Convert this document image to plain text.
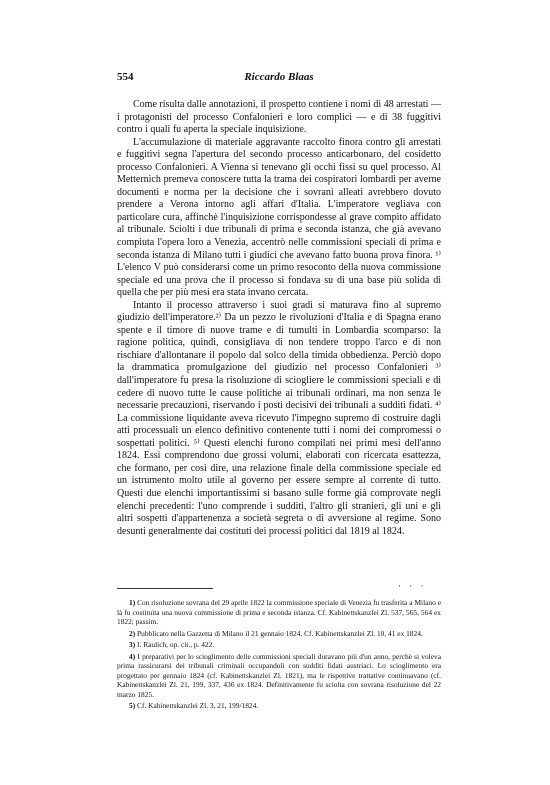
554	Riccardo Blaas

Come risulta dalle annotazioni, il prospetto contiene i nomi di 48 arrestati — i protagonisti del processo Confalonieri e loro complici — e di 38 fuggitivi contro i quali fu aperta la speciale inquisizione.

L'accumulazione di materiale aggravante raccolto finora contro gli arrestati e fuggitivi segna l'apertura del secondo processo anticarbonaro, del cosidetto processo Confalonieri. A Vienna si tenevano gli occhi fissi su quel processo. Al Metternich premeva conoscere tutta la trama dei cospiratori lombardi per averne documenti e norma per la decisione che i sovrani alleati avrebbero dovuto prendere a Verona intorno agli affari d'Italia. L'imperatore vegliava con particolare cura, affinchè l'inquisizione corrispondesse al grave compito affidato al tribunale. Sciolti i due tribunali di prima e seconda istanza, che già avevano compiuta l'opera loro a Venezia, accentrò nelle commissioni speciali di prima e seconda istanza di Milano tutti i giudici che avevano fatto buona prova finora. ¹⁾ L'elenco V può considerarsi come un primo resoconto della nuova commissione speciale ed una prova che il processo si fondava su di una base più solida di quella che per più mesi era stata invano cercata.

Intanto il processo attraverso i suoi gradi si maturava fino al supremo giudizio dell'imperatore.²⁾ Da un pezzo le rivoluzioni d'Italia e di Spagna erano spente e il timore di nuove trame e di tumulti in Lombardia scomparso: la ragione politica, quindi, consigliava di non tendere troppo l'arco e di non rischiare d'allontanare il popolo dal solco della timida obbedienza. Perciò dopo la drammatica promulgazione del giudizio nel processo Confalonieri ³⁾ dall'imperatore fu presa la risoluzione di sciogliere le commissioni speciali e di cedere di nuovo tutte le cause politiche ai tribunali ordinari, ma non senza le necessarie precauzioni, riservando i posti decisivi dei tribunali a sudditi fidati. ⁴⁾ La commissione liquidante aveva ricevuto l'impegno supremo di costruire dagli atti processuali un elenco definitivo contenente tutti i nomi dei compromessi o sospettati politici. ⁵⁾ Questi elenchi furono compilati nei primi mesi dell'anno 1824. Essi comprendono due grossi volumi, elaborati con ricercata esattezza, che formano, per così dire, una relazione finale della commissione speciale ed un istrumento molto utile al governo per essere sempre al corrente di tutto. Questi due elenchi importantissimi si basano sulle forme già comprovate negli elenchi precedenti: l'uno comprende i sudditi, l'altro gli stranieri, gli uni e gli altri sospetti d'appartenenza a società segreta o di avversione al regime. Sono desunti generalmente dai costituti dei processi politici dal 1819 al 1824.

· · ·

1) Con risoluzione sovrana del 29 aprile 1822 la commissione speciale di Venezia fu trasferita a Milano e là fu costituita una nuova commissione di prima e seconda istanza. Cf. Kabinettskanzlei Zl. 537, 565, 564 ex 1822; passim.

2) Pubblicato nella Gazzetta di Milano il 21 gennaio 1824. Cf. Kabinettskanzlei Zl. 10, 41 ex 1824.

3) I. Raulich, op. cit., p. 422.

4) I preparativi per lo scioglimento delle commissioni speciali duravano più d'un anno, perchè si voleva prima rassicurarsi dei tribunali criminali occupandoli con sudditi fidati austriaci. Lo scioglimento era progettato per gennaio 1824 (cf. Kabinettskanzlei Zl. 1821), ma le rispettive trattative continuavano (cf. Kabinettskanzlei Zl. 21, 199, 337, 436 ex 1824. Definitivamente fu sciolta con sovrana risoluzione del 22 marzo 1825.

5) Cf. Kabinettskanzlei Zl. 3, 21, 199/1824.
